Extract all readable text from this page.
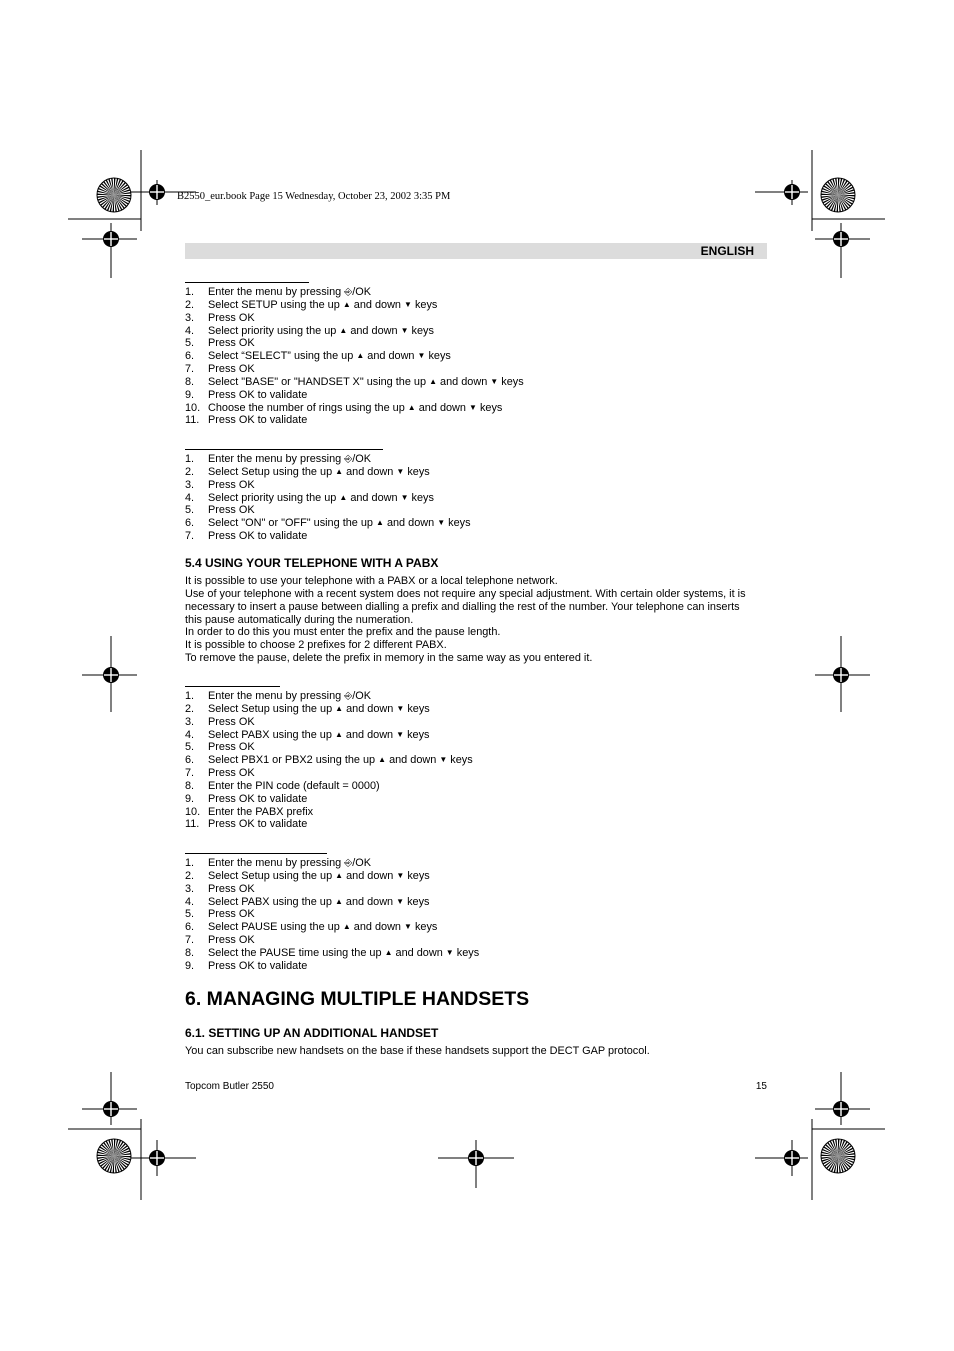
B2550_eur.book Page 15 Wednesday, October 23, 2002 3:35 PM
ENGLISH
1. Enter the menu by pressing ⎆/OK
2. Select SETUP using the up ▲ and down ▼ keys
3. Press OK
4. Select priority using the up ▲ and down ▼ keys
5. Press OK
6. Select “SELECT” using the up ▲ and down ▼ keys
7. Press OK
8. Select "BASE" or "HANDSET X" using the up ▲ and down ▼ keys
9. Press OK to validate
10. Choose the number of rings using the up ▲ and down ▼ keys
11. Press OK to validate
1. Enter the menu by pressing ⎆/OK
2. Select Setup using the up ▲ and down ▼ keys
3. Press OK
4. Select priority using the up ▲ and down ▼ keys
5. Press OK
6. Select "ON" or "OFF" using the up ▲ and down ▼ keys
7. Press OK to validate
5.4 USING YOUR TELEPHONE WITH A PABX
It is possible to use your telephone with a PABX or a local telephone network.
Use of your telephone with a recent system does not require any special adjustment. With certain older systems, it is
necessary to insert a pause between dialling a prefix and dialling the rest of the number. Your telephone can inserts
this pause automatically during the numeration.
In order to do this you must enter the prefix and the pause length.
It is possible to choose 2 prefixes for 2 different PABX.
To remove the pause, delete the prefix in memory in the same way as you entered it.
1. Enter the menu by pressing ⎆/OK
2. Select Setup using the up ▲ and down ▼ keys
3. Press OK
4. Select PABX using the up ▲ and down ▼ keys
5. Press OK
6. Select PBX1 or PBX2 using the up ▲ and down ▼ keys
7. Press OK
8. Enter the PIN code (default = 0000)
9. Press OK to validate
10. Enter the PABX prefix
11. Press OK to validate
1. Enter the menu by pressing ⎆/OK
2. Select Setup using the up ▲ and down ▼ keys
3. Press OK
4. Select PABX using the up ▲ and down ▼ keys
5. Press OK
6. Select PAUSE using the up ▲ and down ▼ keys
7. Press OK
8. Select the PAUSE time using the up ▲ and down ▼ keys
9. Press OK to validate
6. MANAGING MULTIPLE HANDSETS
6.1. SETTING UP AN ADDITIONAL HANDSET
You can subscribe new handsets on the base if these handsets support the DECT GAP protocol.
Topcom Butler 2550	15
